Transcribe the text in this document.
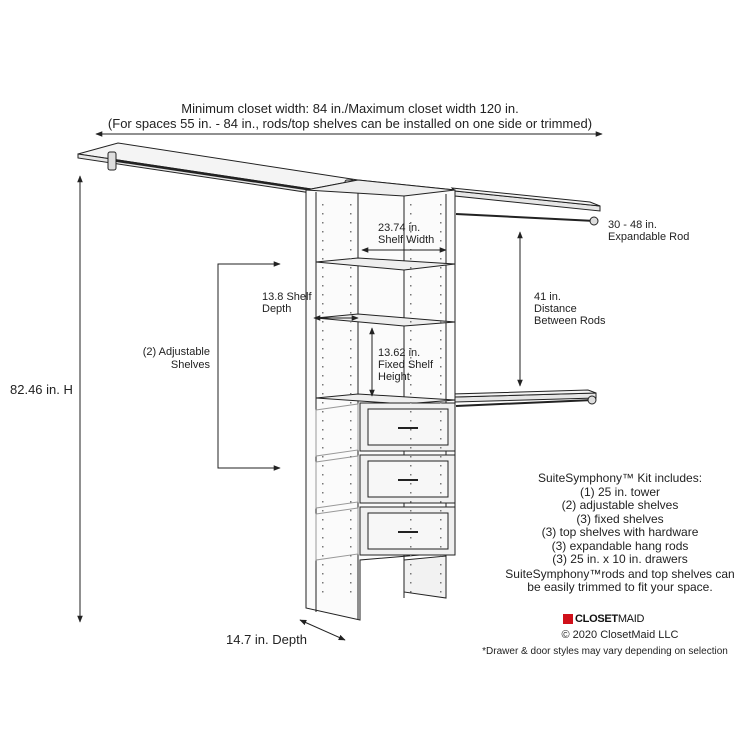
Minimum closet width: 84 in./Maximum closet width 120 in.
(For spaces 55 in. - 84 in., rods/top shelves can be installed on one side or trimmed)
82.46 in. H
(2) Adjustable
Shelves
13.8 Shelf
Depth
23.74 in.
Shelf Width
13.62 in.
Fixed Shelf
Height
30 - 48 in.
Expandable Rod
41 in.
Distance
Between Rods
14.7 in. Depth
SuiteSymphony™ Kit includes:
(1) 25 in. tower
(2) adjustable shelves
(3) fixed shelves
(3) top shelves with hardware
(3) expandable hang rods
(3) 25 in. x 10 in. drawers
SuiteSymphony™rods and top shelves can
be easily trimmed to fit your space.
CLOSETMAID
© 2020 ClosetMaid LLC
*Drawer & door styles may vary depending on selection
